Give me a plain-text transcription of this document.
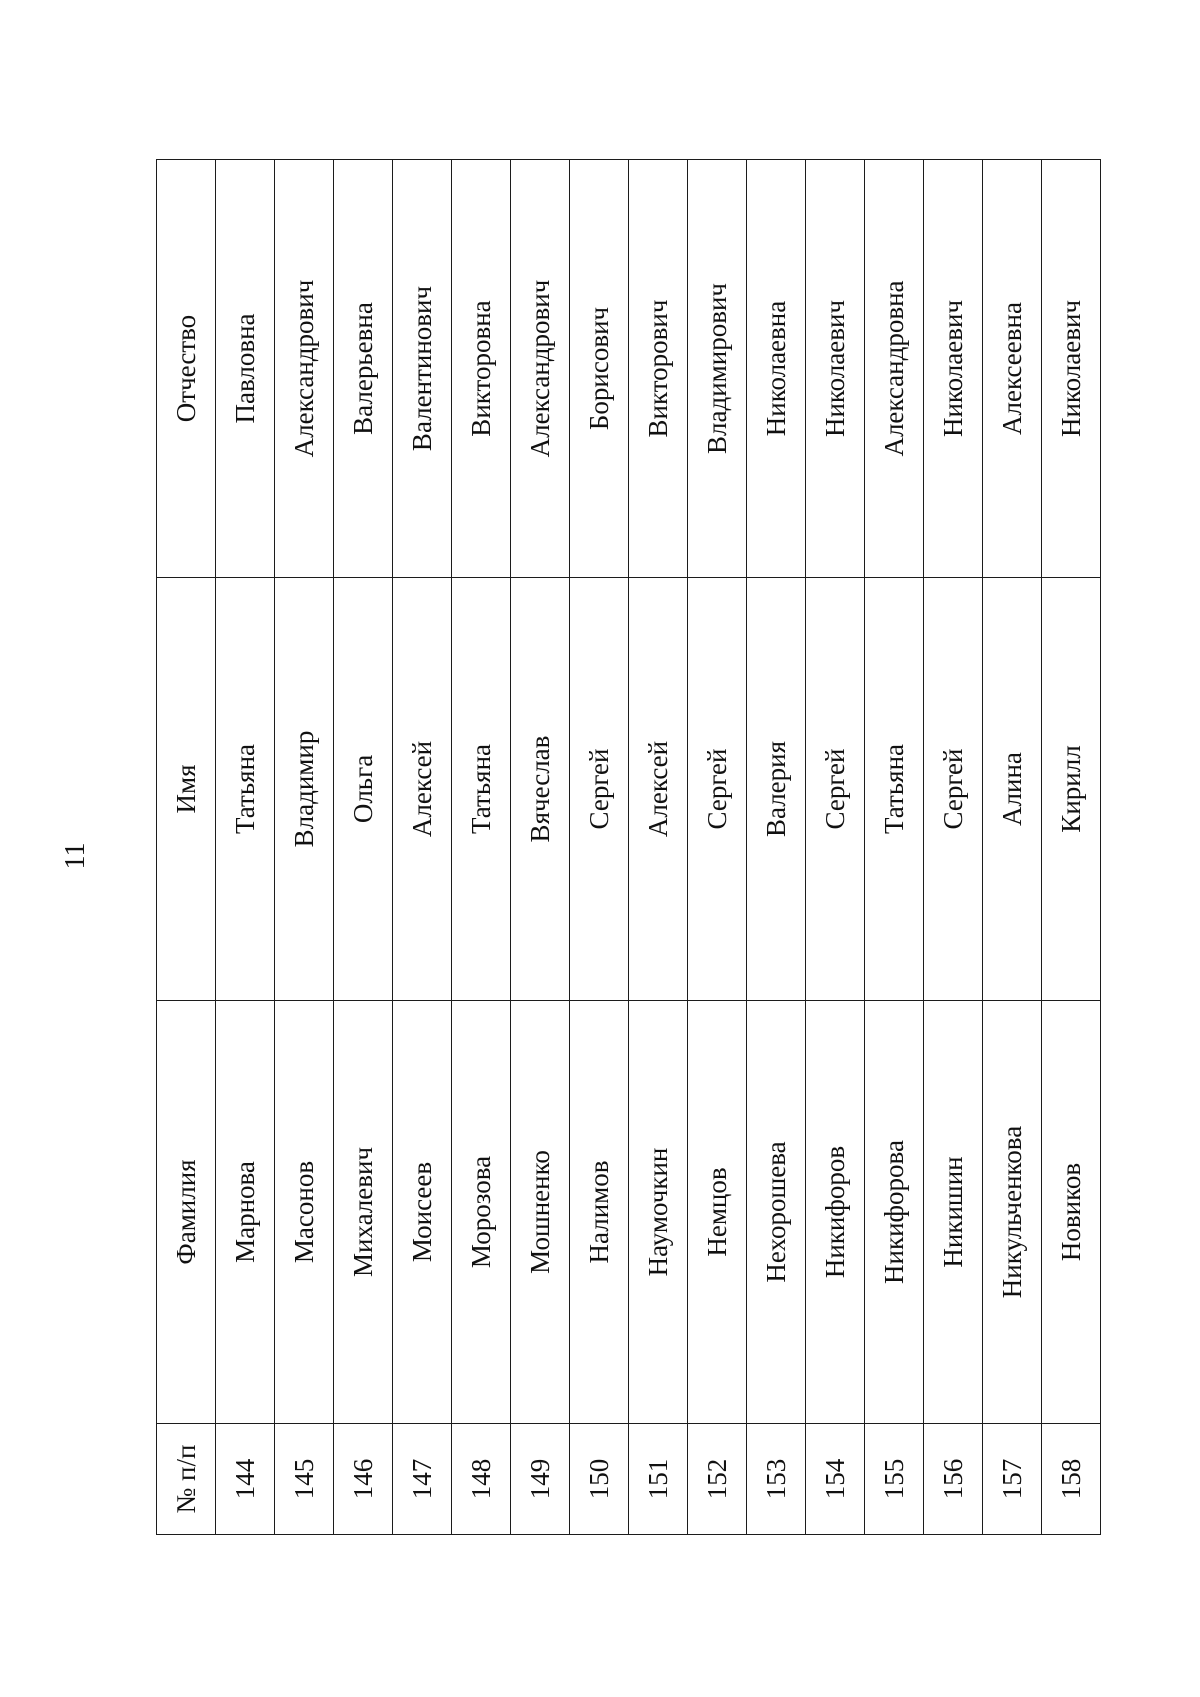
11
№ п/п	Фамилия	Имя	Отчество
144	Марнова	Татьяна	Павловна
145	Масонов	Владимир	Александрович
146	Михалевич	Ольга	Валерьевна
147	Моисеев	Алексей	Валентинович
148	Морозова	Татьяна	Викторовна
149	Мошненко	Вячеслав	Александрович
150	Налимов	Сергей	Борисович
151	Наумочкин	Алексей	Викторович
152	Немцов	Сергей	Владимирович
153	Нехорошева	Валерия	Николаевна
154	Никифоров	Сергей	Николаевич
155	Никифорова	Татьяна	Александровна
156	Никишин	Сергей	Николаевич
157	Никульченкова	Алина	Алексеевна
158	Новиков	Кирилл	Николаевич
